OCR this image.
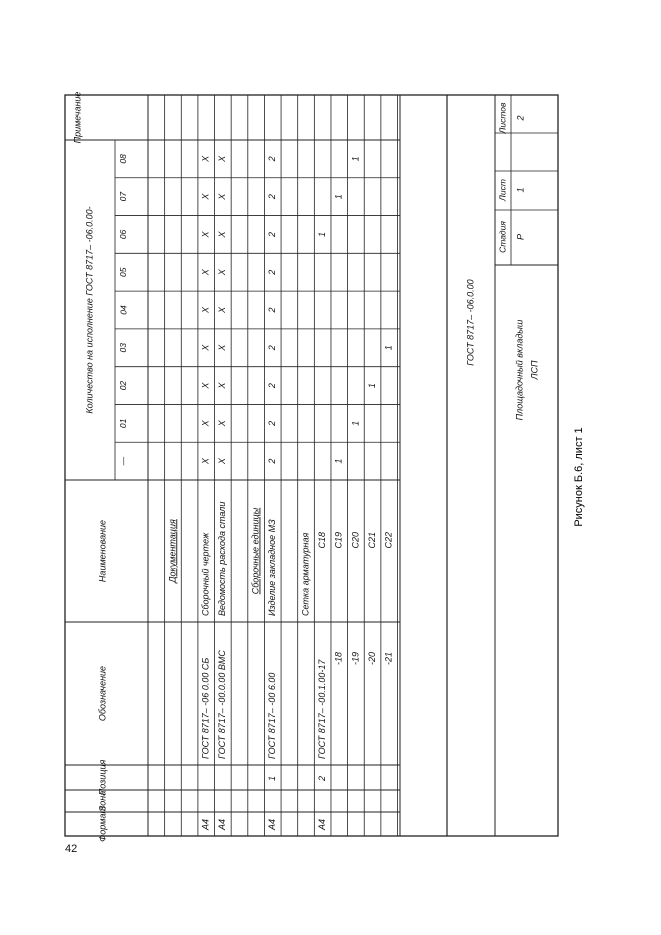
Формат
Зона
Позиция
Обозначение
Наименование
Количество на исполнение ГОСТ 8717– -06.0.00-
Примечание
—
01
02
03
04
05
06
07
08
Документация
А4
ГОСТ 8717– -06 0.00 СБ
Сборочный чертеж
X
X
X
X
X
X
X
X
X
А4
ГОСТ 8717– -00.0.00 ВМС
Ведомость расхода стали
X
X
X
X
X
X
X
X
X
Сборочные единицы
А4
1
ГОСТ 8717– -00 6.00
Изделие закладное МЗ
2
2
2
2
2
2
2
2
2
Сетка арматурная
А4
2
ГОСТ 8717– -00.1.00-17
С18
1
-18
С19
1
1
-19
С20
1
1
-20
С21
1
-21
С22
1	ГОСТ 8717– -06.0.00	Площадочный вкладыш ЛСП
Стадия
Лист
Листов
Р
1
2
42
Рисунок Б.6, лист 1
